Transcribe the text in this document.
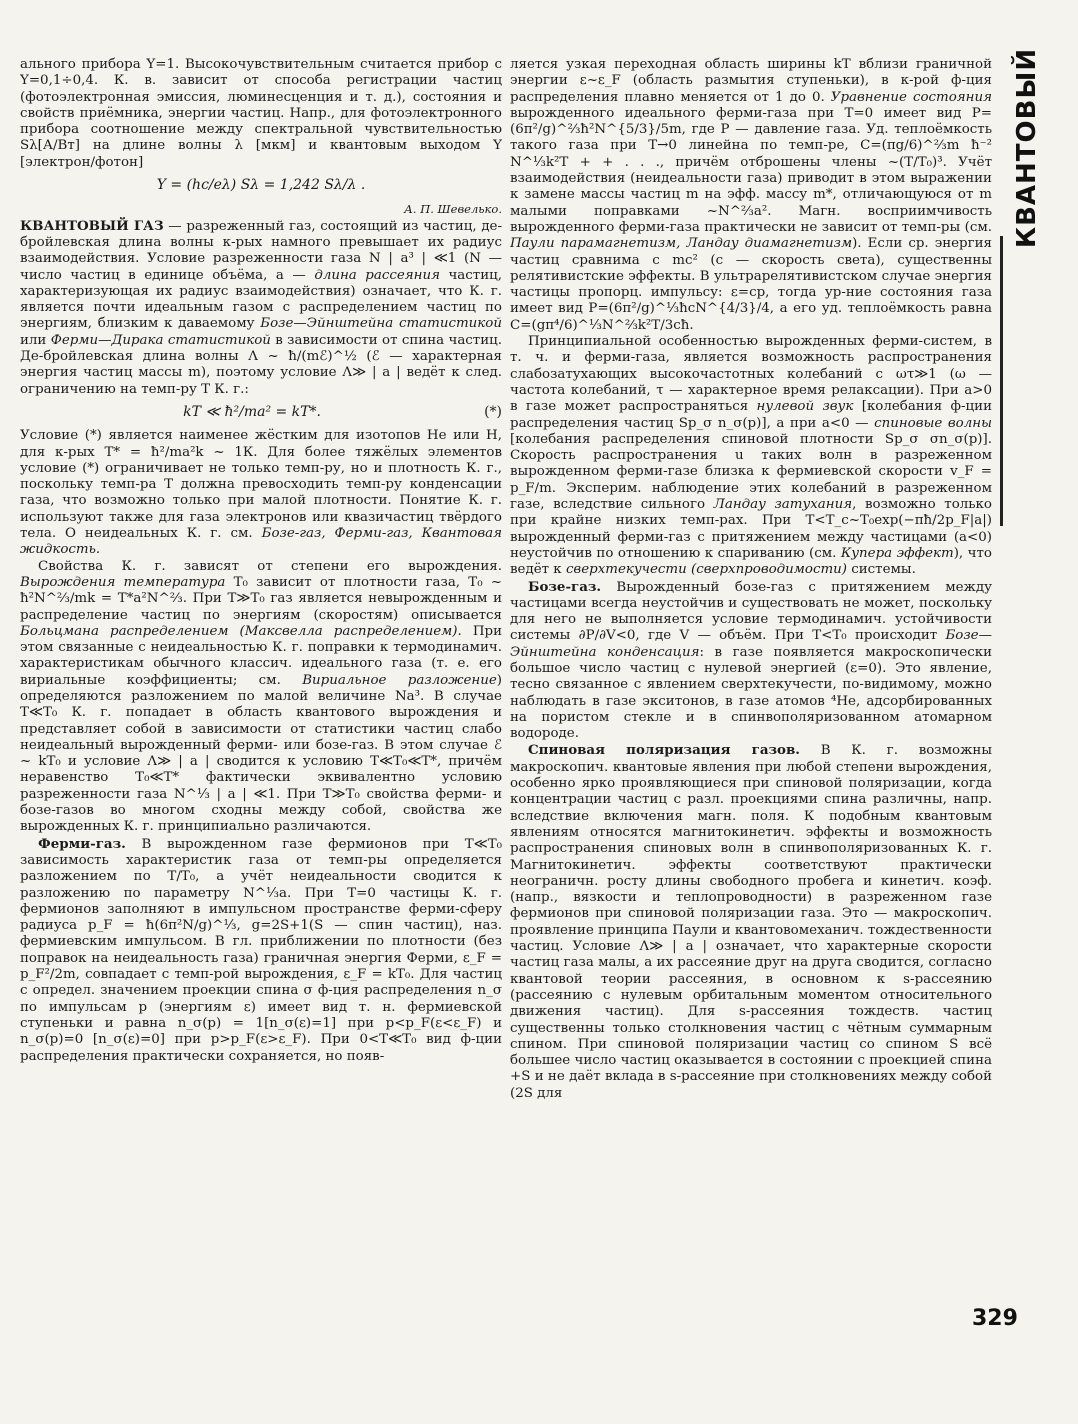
КВАНТОВЫЙ

ального прибора Y=1. Высокочувствительным считается прибор с Y=0,1÷0,4. К. в. зависит от способа регистрации частиц (фотоэлектронная эмиссия, люминесценция и т. д.), состояния и свойств приёмника, энергии частиц. Напр., для фотоэлектронного прибора соотношение между спектральной чувствительностью Sλ[А/Вт] на длине волны λ [мкм] и квантовым выходом Y [электрон/фотон]

Y = (hc/eλ) Sλ = 1,242 Sλ/λ .

А. П. Шевелько.

КВАНТОВЫЙ ГАЗ — разреженный газ, состоящий из частиц, де-бройлевская длина волны к-рых намного превышает их радиус взаимодействия. Условие разреженности газа N | a³ | ≪1 (N — число частиц в единице объёма, a — длина рассеяния частиц, характеризующая их радиус взаимодействия) означает, что К. г. является почти идеальным газом с распределением частиц по энергиям, близким к даваемому Бозе—Эйнштейна статистикой или Ферми—Дирака статистикой в зависимости от спина частиц. Де-бройлевская длина волны Λ ~ ħ/(mℰ)^½ (ℰ — характерная энергия частиц массы m), поэтому условие Λ≫ | a | ведёт к след. ограничению на темп-ру T К. г.:

kT ≪ ħ²/ma² = kT*.	(*)

Условие (*) является наименее жёстким для изотопов He или H, для к-рых T* = ħ²/ma²k ~ 1К. Для более тяжёлых элементов условие (*) ограничивает не только темп-ру, но и плотность К. г., поскольку темп-ра T должна превосходить темп-ру конденсации газа, что возможно только при малой плотности. Понятие К. г. используют также для газа электронов или квазичастиц твёрдого тела. О неидеальных К. г. см. Бозе-газ, Ферми-газ, Квантовая жидкость.

Свойства К. г. зависят от степени его вырождения. Вырождения температура T₀ зависит от плотности газа, T₀ ~ ħ²N^⅔/mk = T*a²N^⅔. При T≫T₀ газ является невырожденным и распределение частиц по энергиям (скоростям) описывается Больцмана распределением (Максвелла распределением). При этом связанные с неидеальностью К. г. поправки к термодинамич. характеристикам обычного классич. идеального газа (т. е. его вириальные коэффициенты; см. Вириальное разложение) определяются разложением по малой величине Na³. В случае T≪T₀ К. г. попадает в область квантового вырождения и представляет собой в зависимости от статистики частиц слабо неидеальный вырожденный ферми- или бозе-газ. В этом случае ℰ ~ kT₀ и условие Λ≫ | a | сводится к условию T≪T₀≪T*, причём неравенство T₀≪T* фактически эквивалентно условию разреженности газа N^⅓ | a | ≪1. При T≫T₀ свойства ферми- и бозе-газов во многом сходны между собой, свойства же вырожденных К. г. принципиально различаются.

Ферми-газ. В вырожденном газе фермионов при T≪T₀ зависимость характеристик газа от темп-ры определяется разложением по T/T₀, а учёт неидеальности сводится к разложению по параметру N^⅓a. При T=0 частицы К. г. фермионов заполняют в импульсном пространстве ферми-сферу радиуса p_F = ħ(6π²N/g)^⅓, g=2S+1(S — спин частиц), наз. фермиевским импульсом. В гл. приближении по плотности (без поправок на неидеальность газа) граничная энергия Ферми, ε_F = p_F²/2m, совпадает с темп-рой вырождения, ε_F = kT₀. Для частиц с определ. значением проекции спина σ ф-ция распределения n_σ по импульсам p (энергиям ε) имеет вид т. н. фермиевской ступеньки и равна n_σ(p) = 1[n_σ(ε)=1] при p<p_F(ε<ε_F) и n_σ(p)=0 [n_σ(ε)=0] при p>p_F(ε>ε_F). При 0<T≪T₀ вид ф-ции распределения практически сохраняется, но появ-

ляется узкая переходная область ширины kT вблизи граничной энергии ε~ε_F (область размытия ступеньки), в к-рой ф-ция распределения плавно меняется от 1 до 0. Уравнение состояния вырожденного идеального ферми-газа при T=0 имеет вид P=(6π²/g)^⅔ħ²N^{5/3}/5m, где P — давление газа. Уд. теплоёмкость такого газа при T→0 линейна по темп-ре, C=(πg/6)^⅔m ħ⁻² N^⅓k²T + + . . ., причём отброшены члены ~(T/T₀)³. Учёт взаимодействия (неидеальности газа) приводит в этом выражении к замене массы частиц m на эфф. массу m*, отличающуюся от m малыми поправками ~N^⅔a². Магн. восприимчивость вырожденного ферми-газа практически не зависит от темп-ры (см. Паули парамагнетизм, Ландау диамагнетизм). Если ср. энергия частиц сравнима с mc² (c — скорость света), существенны релятивистские эффекты. В ультрарелятивистском случае энергия частицы пропорц. импульсу: ε=cp, тогда ур-ние состояния газа имеет вид P=(6π²/g)^⅓ħcN^{4/3}/4, а его уд. теплоёмкость равна C=(gπ⁴/6)^⅓N^⅔k²T/3cħ.

Принципиальной особенностью вырожденных ферми-систем, в т. ч. и ферми-газа, является возможность распространения слабозатухающих высокочастотных колебаний с ωτ≫1 (ω — частота колебаний, τ — характерное время релаксации). При a>0 в газе может распространяться нулевой звук [колебания ф-ции распределения частиц Sp_σ n_σ(p)], а при a<0 — спиновые волны [колебания распределения спиновой плотности Sp_σ σn_σ(p)]. Скорость распространения u таких волн в разреженном вырожденном ферми-газе близка к фермиевской скорости v_F = p_F/m. Эксперим. наблюдение этих колебаний в разреженном газе, вследствие сильного Ландау затухания, возможно только при крайне низких темп-рах. При T<T_c~T₀exp(−πħ/2p_F|a|) вырожденный ферми-газ с притяжением между частицами (a<0) неустойчив по отношению к спариванию (см. Купера эффект), что ведёт к сверхтекучести (сверхпроводимости) системы.

Бозе-газ. Вырожденный бозе-газ с притяжением между частицами всегда неустойчив и существовать не может, поскольку для него не выполняется условие термодинамич. устойчивости системы ∂P/∂V<0, где V — объём. При T<T₀ происходит Бозе—Эйнштейна конденсация: в газе появляется макроскопически большое число частиц с нулевой энергией (ε=0). Это явление, тесно связанное с явлением сверхтекучести, по-видимому, можно наблюдать в газе экситонов, в газе атомов ⁴He, адсорбированных на пористом стекле и в спинвополяризованном атомарном водороде.

Спиновая поляризация газов. В К. г. возможны макроскопич. квантовые явления при любой степени вырождения, особенно ярко проявляющиеся при спиновой поляризации, когда концентрации частиц с разл. проекциями спина различны, напр. вследствие включения магн. поля. К подобным квантовым явлениям относятся магнитокинетич. эффекты и возможность распространения спиновых волн в спинвополяризованных К. г. Магнитокинетич. эффекты соответствуют практически неограничн. росту длины свободного пробега и кинетич. коэф. (напр., вязкости и теплопроводности) в разреженном газе фермионов при спиновой поляризации газа. Это — макроскопич. проявление принципа Паули и квантовомеханич. тождественности частиц. Условие Λ≫ | a | означает, что характерные скорости частиц газа малы, а их рассеяние друг на друга сводится, согласно квантовой теории рассеяния, в основном к s-рассеянию (рассеянию с нулевым орбитальным моментом относительного движения частиц). Для s-рассеяния тождеств. частиц существенны только столкновения частиц с чётным суммарным спином. При спиновой поляризации частиц со спином S всё большее число частиц оказывается в состоянии с проекцией спина +S и не даёт вклада в s-рассеяние при столкновениях между собой (2S для

329
